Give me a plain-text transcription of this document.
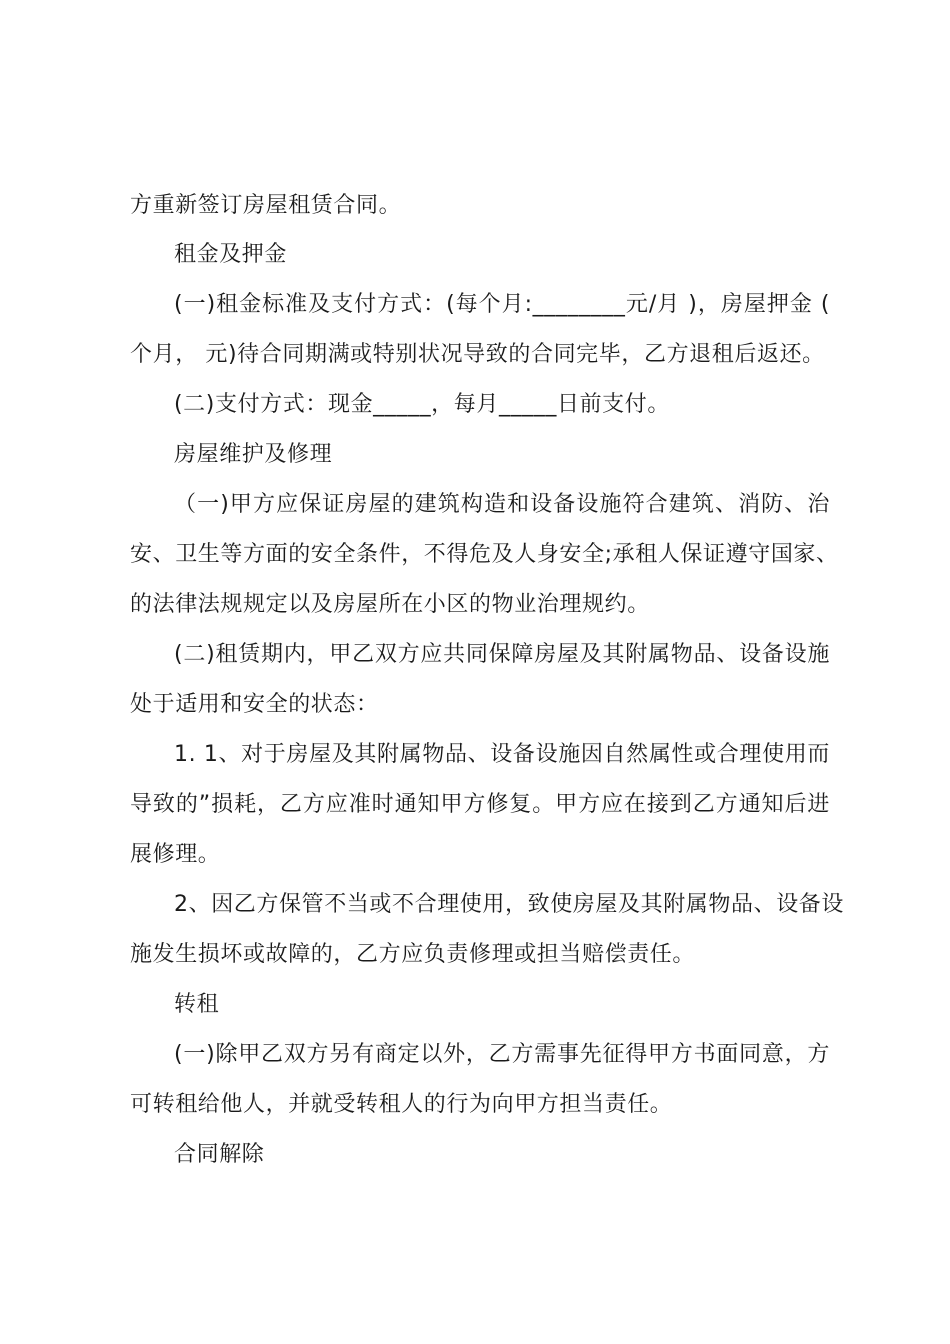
方重新签订房屋租赁合同。
租金及押金
(一)租金标准及支付方式：(每个月:________元/月 )，房屋押金 (
个月， 元)待合同期满或特别状况导致的合同完毕，乙方退租后返还。
(二)支付方式：现金_____，每月_____日前支付。
房屋维护及修理
（一)甲方应保证房屋的建筑构造和设备设施符合建筑、消防、治
安、卫生等方面的安全条件，不得危及人身安全;承租人保证遵守国家、
的法律法规规定以及房屋所在小区的物业治理规约。
(二)租赁期内，甲乙双方应共同保障房屋及其附属物品、设备设施
处于适用和安全的状态：
1. 1、对于房屋及其附属物品、设备设施因自然属性或合理使用而
导致的”损耗，乙方应准时通知甲方修复。甲方应在接到乙方通知后进
展修理。
2、因乙方保管不当或不合理使用，致使房屋及其附属物品、设备设
施发生损坏或故障的，乙方应负责修理或担当赔偿责任。
转租
(一)除甲乙双方另有商定以外，乙方需事先征得甲方书面同意，方
可转租给他人，并就受转租人的行为向甲方担当责任。
合同解除
